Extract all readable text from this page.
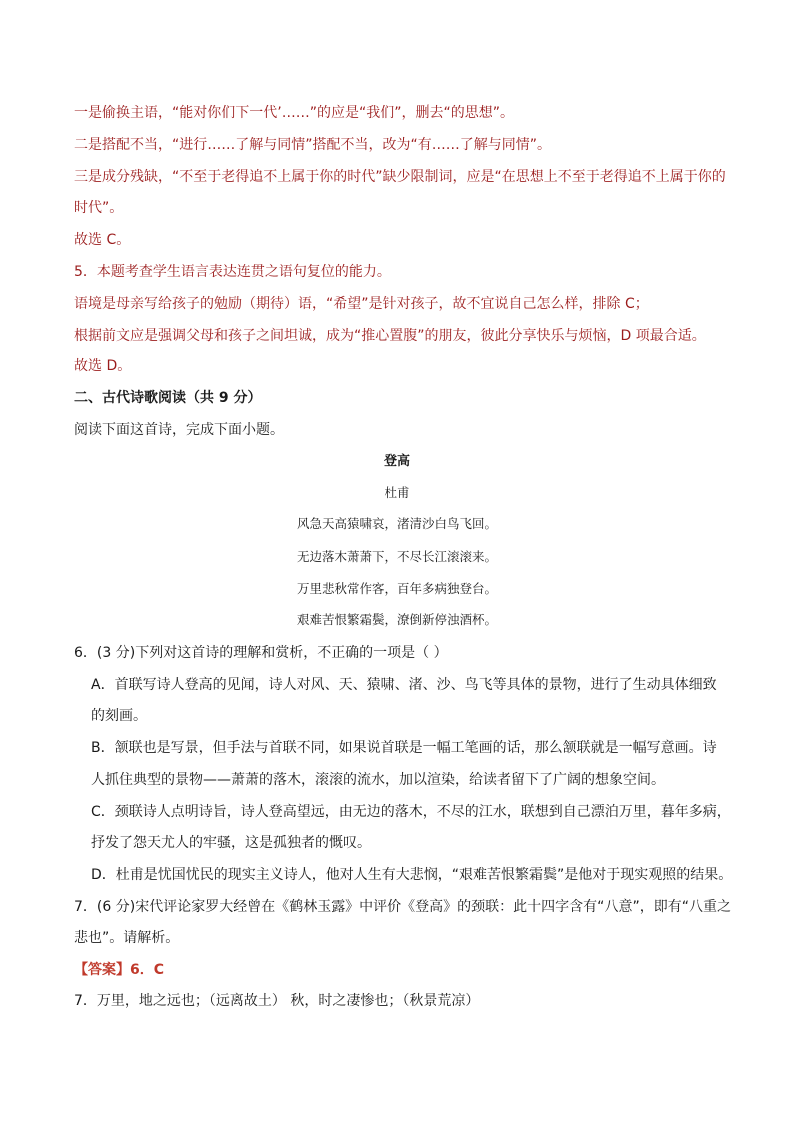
一是偷换主语，“能对你们下一代’……”的应是“我们”，删去“的思想”。
二是搭配不当，“进行……了解与同情”搭配不当，改为“有……了解与同情”。
三是成分残缺，“不至于老得追不上属于你的时代”缺少限制词，应是“在思想上不至于老得追不上属于你的
时代”。
故选 C。
5．本题考查学生语言表达连贯之语句复位的能力。
语境是母亲写给孩子的勉励（期待）语，“希望”是针对孩子，故不宜说自己怎么样，排除 C；
根据前文应是强调父母和孩子之间坦诚，成为“推心置腹”的朋友，彼此分享快乐与烦恼，D 项最合适。
故选 D。
二、古代诗歌阅读（共 9 分）
阅读下面这首诗，完成下面小题。
登高
杜甫
风急天高猿啸哀，渚清沙白鸟飞回。
无边落木萧萧下，不尽长江滚滚来。
万里悲秋常作客，百年多病独登台。
艰难苦恨繁霜鬓，潦倒新停浊酒杯。
6．(3 分)下列对这首诗的理解和赏析，不正确的一项是（ ）
A．首联写诗人登高的见闻，诗人对风、天、猿啸、渚、沙、鸟飞等具体的景物，进行了生动具体细致
的刻画。
B．颔联也是写景，但手法与首联不同，如果说首联是一幅工笔画的话，那么颔联就是一幅写意画。诗
人抓住典型的景物——萧萧的落木，滚滚的流水，加以渲染，给读者留下了广阔的想象空间。
C．颈联诗人点明诗旨，诗人登高望远，由无边的落木，不尽的江水，联想到自己漂泊万里，暮年多病，
抒发了怨天尤人的牢骚，这是孤独者的慨叹。
D．杜甫是忧国忧民的现实主义诗人，他对人生有大悲悯，“艰难苦恨繁霜鬓”是他对于现实观照的结果。
7．(6 分)宋代评论家罗大经曾在《鹤林玉露》中评价《登高》的颈联：此十四字含有“八意”，即有“八重之
悲也”。请解析。
【答案】6．C
7．万里，地之远也；（远离故土） 秋，时之凄惨也；（秋景荒凉）
